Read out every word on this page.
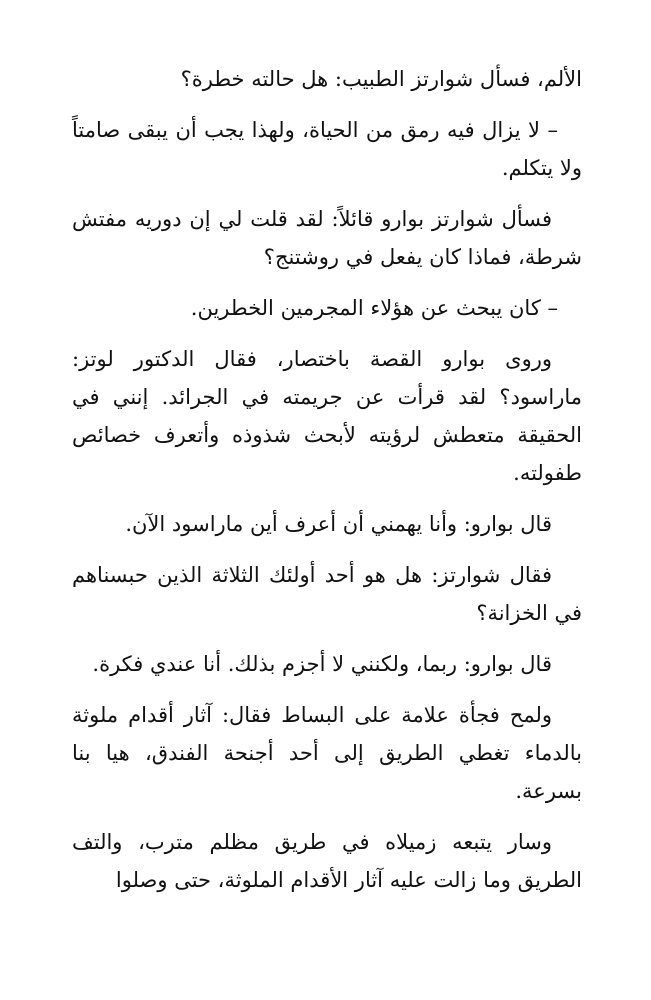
الألم، فسأل شوارتز الطبيب: هل حالته خطرة؟

– لا يزال فيه رمق من الحياة، ولهذا يجب أن يبقى صامتاً ولا يتكلم.

فسأل شوارتز بوارو قائلاً: لقد قلت لي إن دوريه مفتش شرطة، فماذا كان يفعل في روشتنج؟

– كان يبحث عن هؤلاء المجرمين الخطرين.

وروى بوارو القصة باختصار، فقال الدكتور لوتز: ماراسود؟ لقد قرأت عن جريمته في الجرائد. إنني في الحقيقة متعطش لرؤيته لأبحث شذوذه وأتعرف خصائص طفولته.

قال بوارو: وأنا يهمني أن أعرف أين ماراسود الآن.

فقال شوارتز: هل هو أحد أولئك الثلاثة الذين حبسناهم في الخزانة؟

قال بوارو: ربما، ولكنني لا أجزم بذلك. أنا عندي فكرة.

ولمح فجأة علامة على البساط فقال: آثار أقدام ملوثة بالدماء تغطي الطريق إلى أحد أجنحة الفندق، هيا بنا بسرعة.

وسار يتبعه زميلاه في طريق مظلم مترب، والتف الطريق وما زالت عليه آثار الأقدام الملوثة، حتى وصلوا
